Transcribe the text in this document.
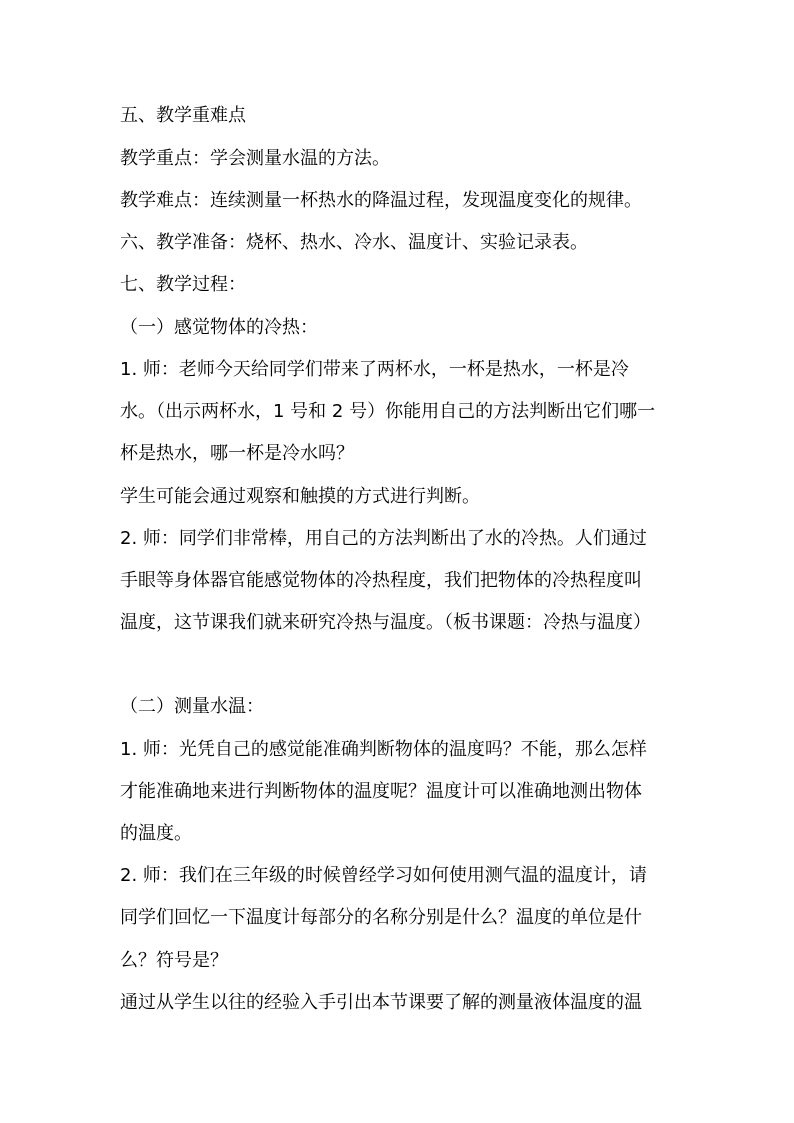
五、教学重难点
教学重点：学会测量水温的方法。
教学难点：连续测量一杯热水的降温过程，发现温度变化的规律。
六、教学准备：烧杯、热水、冷水、温度计、实验记录表。
七、教学过程：
（一）感觉物体的冷热：
1. 师：老师今天给同学们带来了两杯水，一杯是热水，一杯是冷
水。（出示两杯水，1 号和 2 号）你能用自己的方法判断出它们哪一
杯是热水，哪一杯是冷水吗？
学生可能会通过观察和触摸的方式进行判断。
2. 师：同学们非常棒，用自己的方法判断出了水的冷热。人们通过
手眼等身体器官能感觉物体的冷热程度，我们把物体的冷热程度叫
温度，这节课我们就来研究冷热与温度。（板书课题：冷热与温度）
（二）测量水温：
1. 师：光凭自己的感觉能准确判断物体的温度吗？不能，那么怎样
才能准确地来进行判断物体的温度呢？温度计可以准确地测出物体
的温度。
2. 师：我们在三年级的时候曾经学习如何使用测气温的温度计，请
同学们回忆一下温度计每部分的名称分别是什么？温度的单位是什
么？符号是？
通过从学生以往的经验入手引出本节课要了解的测量液体温度的温
